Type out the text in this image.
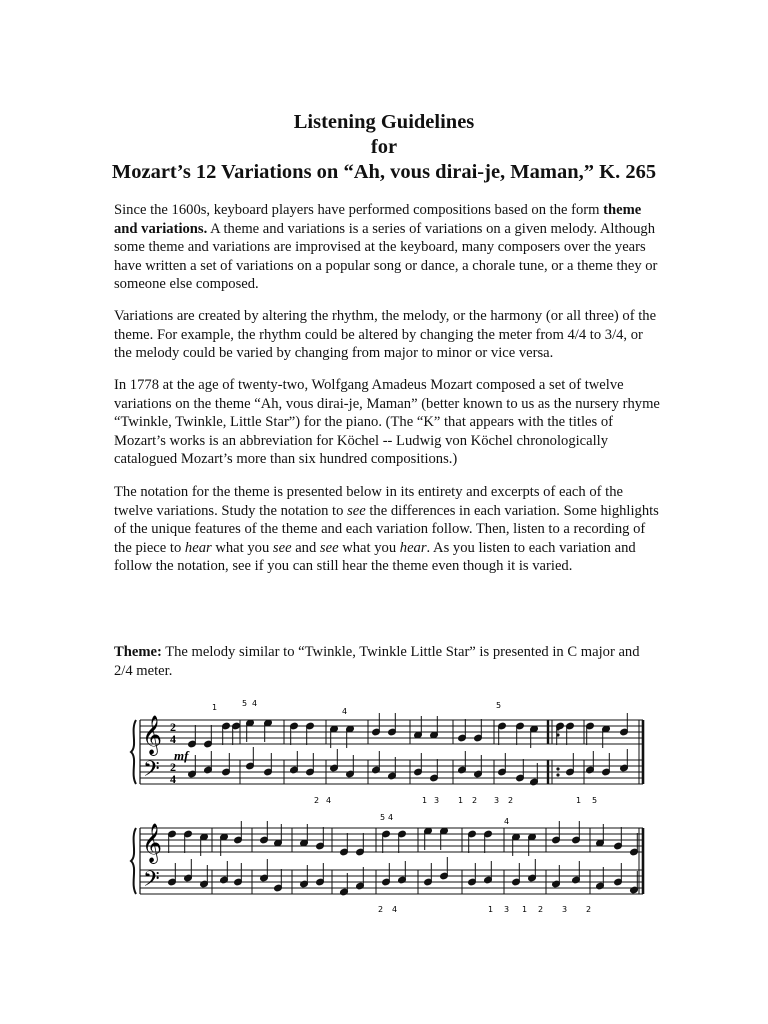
Listening Guidelines
for
Mozart’s 12 Variations on “Ah, vous dirai-je, Maman,” K. 265
Since the 1600s, keyboard players have performed compositions based on the form theme and variations. A theme and variations is a series of variations on a given melody. Although some theme and variations are improvised at the keyboard, many composers over the years have written a set of variations on a popular song or dance, a chorale tune, or a theme they or someone else composed.
Variations are created by altering the rhythm, the melody, or the harmony (or all three) of the theme. For example, the rhythm could be altered by changing the meter from 4/4 to 3/4, or the melody could be varied by changing from major to minor or vice versa.
In 1778 at the age of twenty-two, Wolfgang Amadeus Mozart composed a set of twelve variations on the theme “Ah, vous dirai-je, Maman” (better known to us as the nursery rhyme “Twinkle, Twinkle, Little Star”) for the piano. (The “K” that appears with the titles of Mozart’s works is an abbreviation for Köchel -- Ludwig von Köchel chronologically catalogued Mozart’s more than six hundred compositions.)
The notation for the theme is presented below in its entirety and excerpts of each of the twelve variations. Study the notation to see the differences in each variation. Some highlights of the unique features of the theme and each variation follow. Then, listen to a recording of the piece to hear what you see and see what you hear. As you listen to each variation and follow the notation, see if you can still hear the theme even though it is varied.
Theme: The melody similar to “Twinkle, Twinkle Little Star” is presented in C major and 2/4 meter.
𝄞
𝄢
2
4
2
4
mf
1	5 4
4
5
2 4	1 3 1 2 3 2	1 5
𝄞
𝄢
5 4	4
2 4	1 3 1 2 3 2
